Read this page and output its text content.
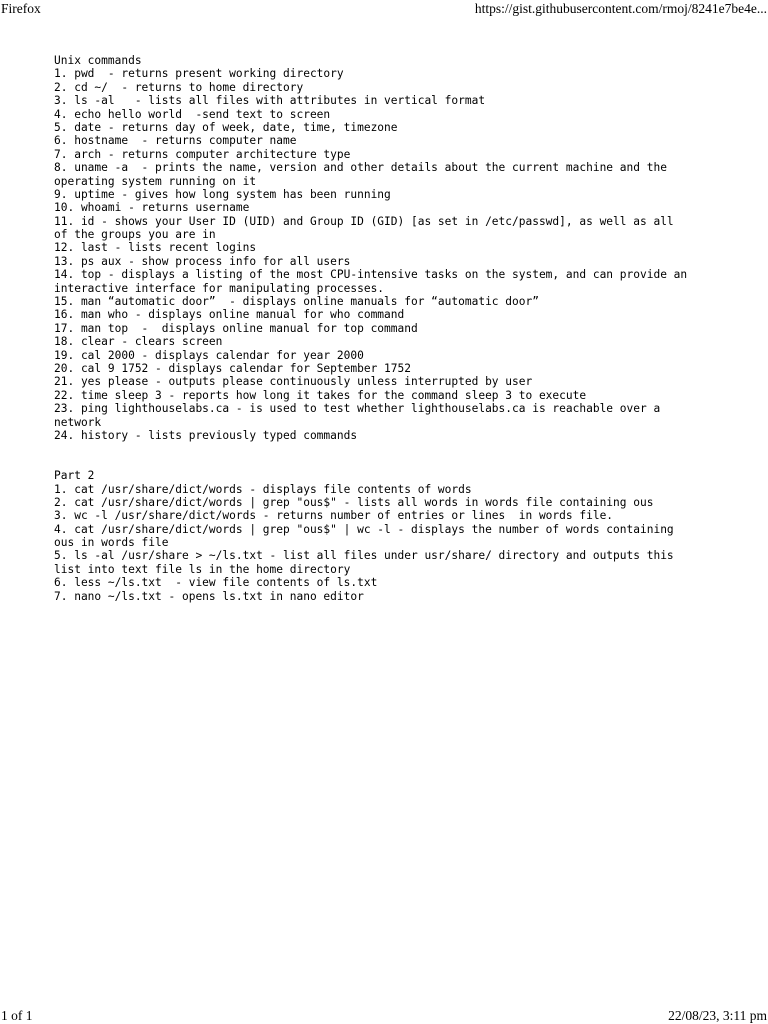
Firefox	https://gist.githubusercontent.com/rmoj/8241e7be4e...
Unix commands
1. pwd  - returns present working directory
2. cd ~/  - returns to home directory
3. ls -al   - lists all files with attributes in vertical format
4. echo hello world  -send text to screen
5. date - returns day of week, date, time, timezone
6. hostname  - returns computer name
7. arch - returns computer architecture type
8. uname -a  - prints the name, version and other details about the current machine and the
operating system running on it
9. uptime - gives how long system has been running
10. whoami - returns username
11. id - shows your User ID (UID) and Group ID (GID) [as set in /etc/passwd], as well as all
of the groups you are in
12. last - lists recent logins
13. ps aux - show process info for all users
14. top - displays a listing of the most CPU-intensive tasks on the system, and can provide an
interactive interface for manipulating processes.
15. man “automatic door”  - displays online manuals for “automatic door”
16. man who - displays online manual for who command
17. man top  -  displays online manual for top command
18. clear - clears screen
19. cal 2000 - displays calendar for year 2000
20. cal 9 1752 - displays calendar for September 1752
21. yes please - outputs please continuously unless interrupted by user
22. time sleep 3 - reports how long it takes for the command sleep 3 to execute
23. ping lighthouselabs.ca - is used to test whether lighthouselabs.ca is reachable over a
network
24. history - lists previously typed commands
Part 2
1. cat /usr/share/dict/words - displays file contents of words
2. cat /usr/share/dict/words | grep "ous$" - lists all words in words file containing ous
3. wc -l /usr/share/dict/words - returns number of entries or lines  in words file.
4. cat /usr/share/dict/words | grep "ous$" | wc -l - displays the number of words containing
ous in words file
5. ls -al /usr/share > ~/ls.txt - list all files under usr/share/ directory and outputs this
list into text file ls in the home directory
6. less ~/ls.txt  - view file contents of ls.txt
7. nano ~/ls.txt - opens ls.txt in nano editor
1 of 1	22/08/23, 3:11 pm
